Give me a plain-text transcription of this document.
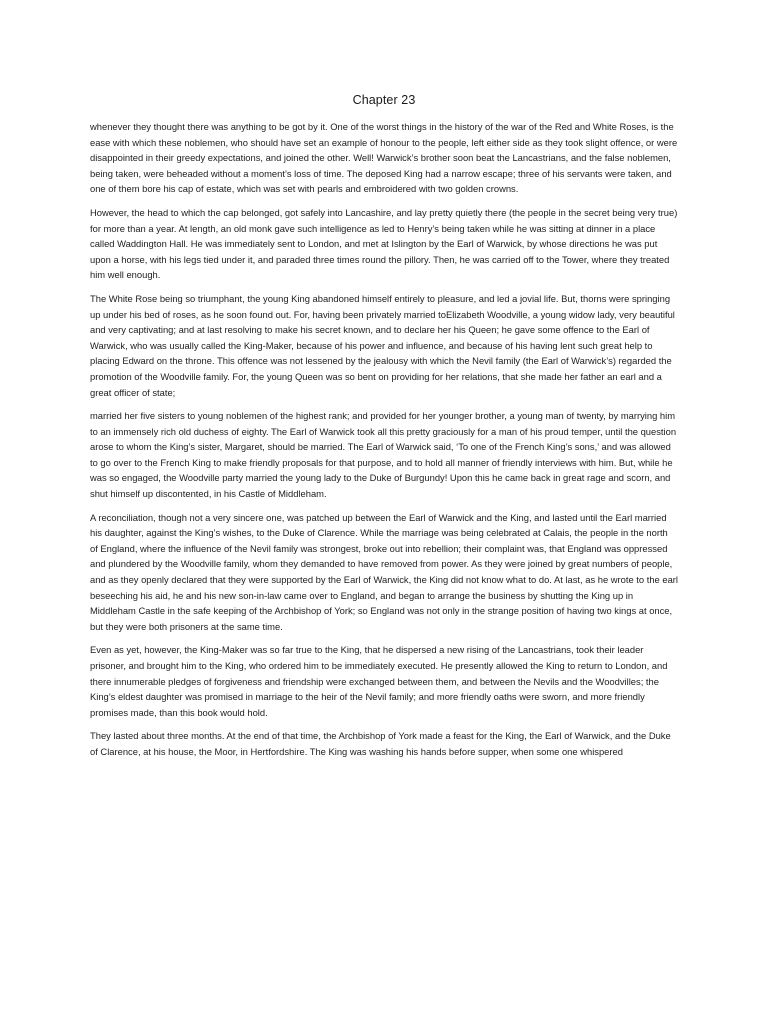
Chapter 23

whenever they thought there was anything to be got by it. One of the worst things in the history of the war of the Red and White Roses, is the ease with which these noblemen, who should have set an example of honour to the people, left either side as they took slight offence, or were disappointed in their greedy expectations, and joined the other. Well! Warwick’s brother soon beat the Lancastrians, and the false noblemen, being taken, were beheaded without a moment’s loss of time. The deposed King had a narrow escape; three of his servants were taken, and one of them bore his cap of estate, which was set with pearls and embroidered with two golden crowns.

However, the head to which the cap belonged, got safely into Lancashire, and lay pretty quietly there (the people in the secret being very true) for more than a year. At length, an old monk gave such intelligence as led to Henry’s being taken while he was sitting at dinner in a place called Waddington Hall. He was immediately sent to London, and met at Islington by the Earl of Warwick, by whose directions he was put upon a horse, with his legs tied under it, and paraded three times round the pillory. Then, he was carried off to the Tower, where they treated him well enough.

The White Rose being so triumphant, the young King abandoned himself entirely to pleasure, and led a jovial life. But, thorns were springing up under his bed of roses, as he soon found out. For, having been privately married toElizabeth Woodville, a young widow lady, very beautiful and very captivating; and at last resolving to make his secret known, and to declare her his Queen; he gave some offence to the Earl of Warwick, who was usually called the King-Maker, because of his power and influence, and because of his having lent such great help to placing Edward on the throne. This offence was not lessened by the jealousy with which the Nevil family (the Earl of Warwick’s) regarded the promotion of the Woodville family. For, the young Queen was so bent on providing for her relations, that she made her father an earl and a great officer of state;

married her five sisters to young noblemen of the highest rank; and provided for her younger brother, a young man of twenty, by marrying him to an immensely rich old duchess of eighty. The Earl of Warwick took all this pretty graciously for a man of his proud temper, until the question arose to whom the King’s sister, Margaret, should be married. The Earl of Warwick said, ‘To one of the French King’s sons,’ and was allowed to go over to the French King to make friendly proposals for that purpose, and to hold all manner of friendly interviews with him. But, while he was so engaged, the Woodville party married the young lady to the Duke of Burgundy! Upon this he came back in great rage and scorn, and shut himself up discontented, in his Castle of Middleham.

A reconciliation, though not a very sincere one, was patched up between the Earl of Warwick and the King, and lasted until the Earl married his daughter, against the King’s wishes, to the Duke of Clarence. While the marriage was being celebrated at Calais, the people in the north of England, where the influence of the Nevil family was strongest, broke out into rebellion; their complaint was, that England was oppressed and plundered by the Woodville family, whom they demanded to have removed from power. As they were joined by great numbers of people, and as they openly declared that they were supported by the Earl of Warwick, the King did not know what to do. At last, as he wrote to the earl beseeching his aid, he and his new son-in-law came over to England, and began to arrange the business by shutting the King up in Middleham Castle in the safe keeping of the Archbishop of York; so England was not only in the strange position of having two kings at once, but they were both prisoners at the same time.

Even as yet, however, the King-Maker was so far true to the King, that he dispersed a new rising of the Lancastrians, took their leader prisoner, and brought him to the King, who ordered him to be immediately executed. He presently allowed the King to return to London, and there innumerable pledges of forgiveness and friendship were exchanged between them, and between the Nevils and the Woodvilles; the King’s eldest daughter was promised in marriage to the heir of the Nevil family; and more friendly oaths were sworn, and more friendly promises made, than this book would hold.

They lasted about three months. At the end of that time, the Archbishop of York made a feast for the King, the Earl of Warwick, and the Duke of Clarence, at his house, the Moor, in Hertfordshire. The King was washing his hands before supper, when some one whispered
